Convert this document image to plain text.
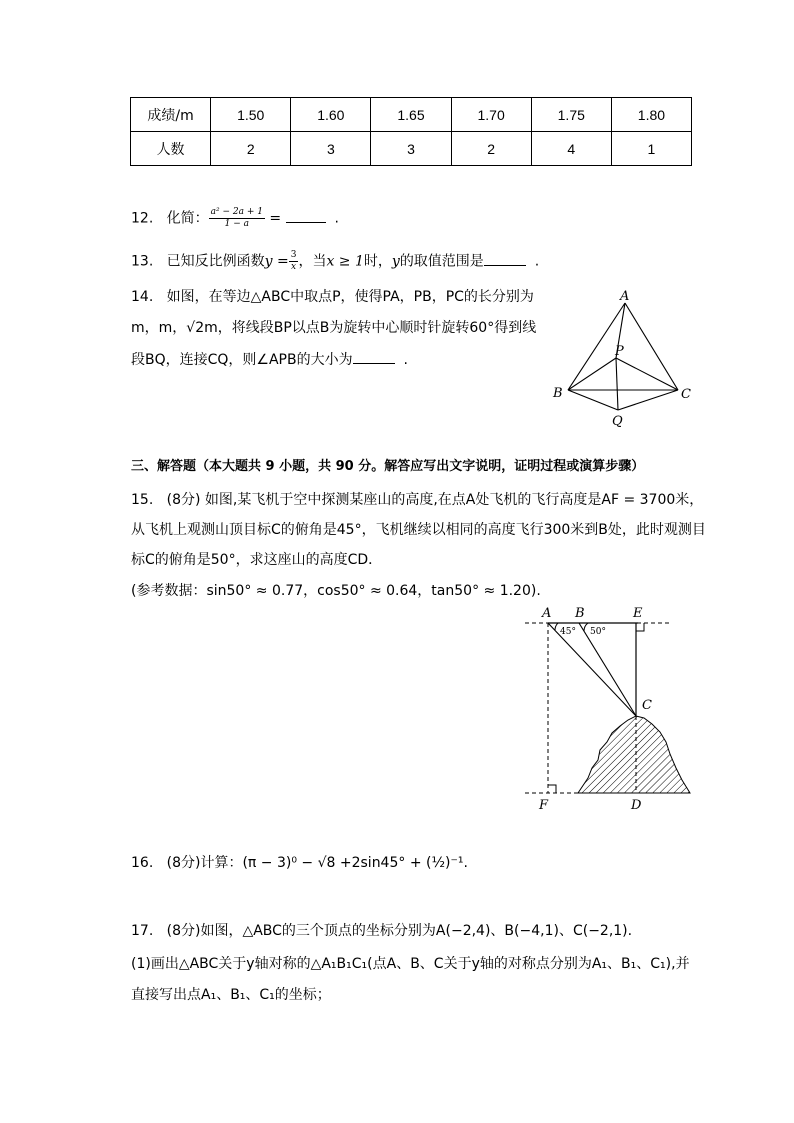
成绩/m	1.50	1.60	1.65	1.70	1.75	1.80
人数	2	3	3	2	4	1
12. 化简： $\frac{\text{a² − 2a + 1}}{1 - a}$ =	.
13. 已知反比例函数$y = \frac{3}{x}$ ，当x ≥ 1时，y的取值范围是	.
14. 如图，在等边△ABC中取点P，使得PA，PB，PC的长分别为
m，m，√2m，将线段BP以点B为旋转中心顺时针旋转60°得到线
段BQ，连接CQ，则∠APB的大小为	.
A
B	C
P
Q
三、解答题（本大题共 9 小题，共 90 分。解答应写出文字说明，证明过程或演算步骤）
15. (8分) 如图,某飞机于空中探测某座山的高度,在点A处飞机的飞行高度是AF = 3700米，
从飞机上观测山顶目标C的俯角是45°，飞机继续以相同的高度飞行300米到B处，此时观测目
标C的俯角是50°，求这座山的高度CD．
(参考数据：sin50° ≈ 0.77，cos50° ≈ 0.64，tan50° ≈ 1.20).
45° 50°
A B	E
C
F	D
16. (8分)计算：(π − 3)⁰ − √8 +2sin45° + (½)⁻¹.
17. (8分)如图，△ABC的三个顶点的坐标分别为A(−2,4)、B(−4,1)、C(−2,1).
(1)画出△ABC关于y轴对称的△A₁B₁C₁(点A、B、C关于y轴的对称点分别为A₁、B₁、C₁),并
直接写出点A₁、B₁、C₁的坐标；
